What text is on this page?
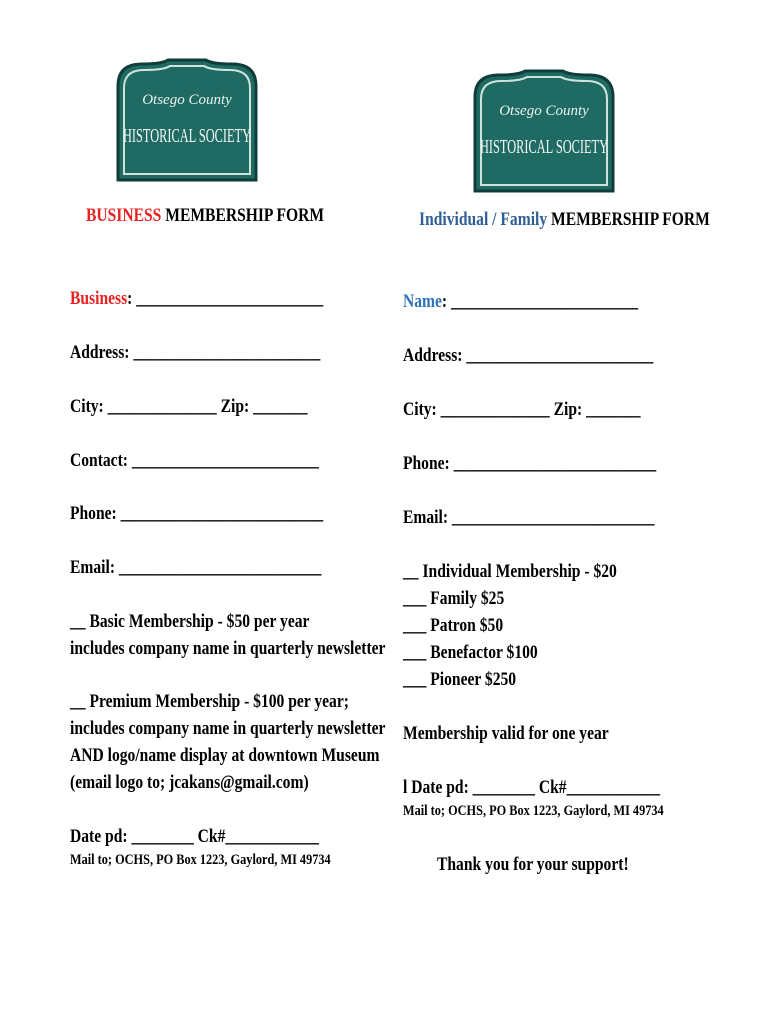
Otsego County
HISTORICAL SOCIETY
Otsego County
HISTORICAL SOCIETY
BUSINESS MEMBERSHIP FORM
Business: ________________________
Address: ________________________
City: ______________ Zip: _______
Contact: ________________________
Phone: __________________________
Email: __________________________
__ Basic Membership - $50 per year
includes company name in quarterly newsletter
__ Premium Membership - $100 per year;
includes company name in quarterly newsletter
AND logo/name display at downtown Museum
(email logo to; jcakans@gmail.com)
Date pd: ________ Ck#____________
Mail to; OCHS, PO Box 1223, Gaylord, MI 49734
Individual / Family MEMBERSHIP FORM
Name: ________________________
Address: ________________________
City: ______________ Zip: _______
Phone: __________________________
Email: __________________________
__ Individual Membership - $20
___ Family $25
___ Patron $50
___ Benefactor $100
___ Pioneer $250
Membership valid for one year
l Date pd: ________ Ck#____________
Mail to; OCHS, PO Box 1223, Gaylord, MI 49734
Thank you for your support!
